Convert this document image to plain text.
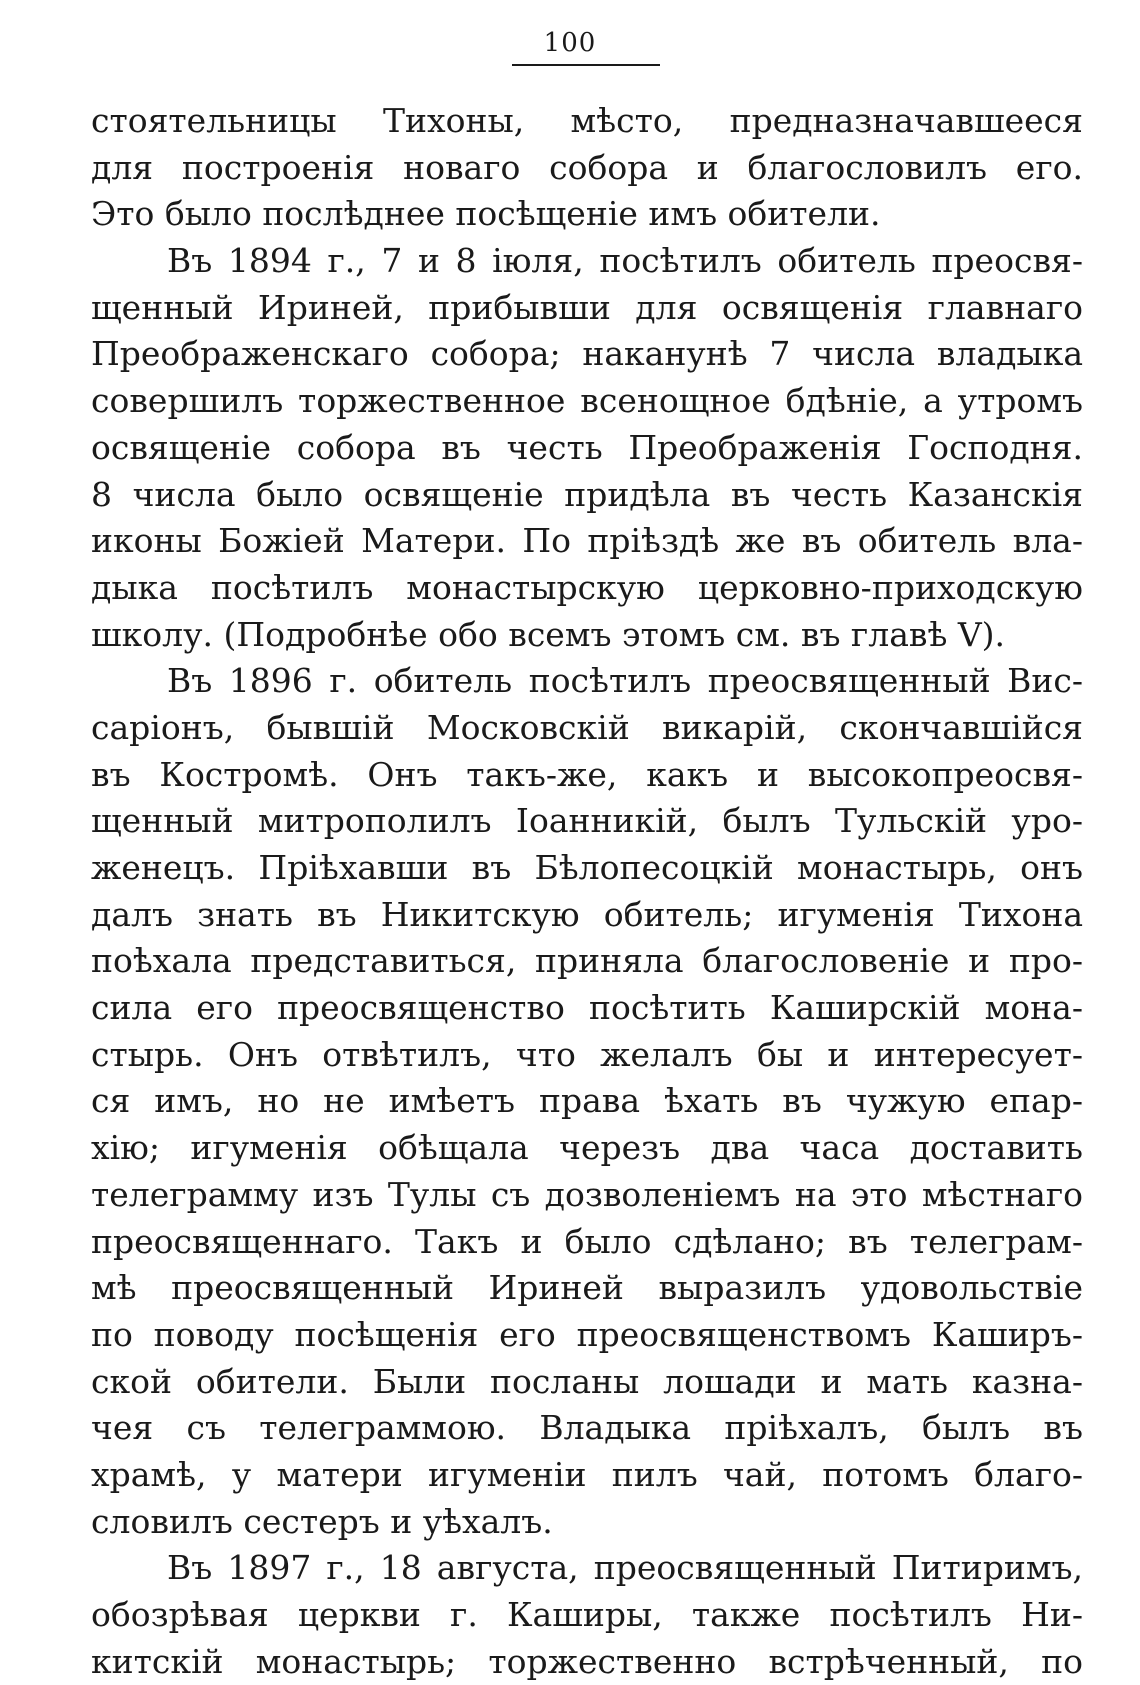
100
стоятельницы Тихоны, мѣсто, предназначавшееся
для построенія новаго собора и благословилъ его.
Это было послѣднее посѣщеніе имъ обители.
Въ 1894 г., 7 и 8 іюля, посѣтилъ обитель преосвя-
щенный Ириней, прибывши для освященія главнаго
Преображенскаго собора; наканунѣ 7 числа владыка
совершилъ торжественное всенощное бдѣніе, а утромъ
освященіе собора въ честь Преображенія Господня.
8 числа было освященіе придѣла въ честь Казанскія
иконы Божіей Матери. По пріѣздѣ же въ обитель вла-
дыка посѣтилъ монастырскую церковно-приходскую
школу. (Подробнѣе обо всемъ этомъ см. въ главѣ V).
Въ 1896 г. обитель посѣтилъ преосвященный Вис-
саріонъ, бывшій Московскій викарій, скончавшійся
въ Костромѣ. Онъ такъ-же, какъ и высокопреосвя-
щенный митрополилъ Іоанникій, былъ Тульскій уро-
женецъ. Пріѣхавши въ Бѣлопесоцкій монастырь, онъ
далъ знать въ Никитскую обитель; игуменія Тихона
поѣхала представиться, приняла благословеніе и про-
сила его преосвященство посѣтить Каширскій мона-
стырь. Онъ отвѣтилъ, что желалъ бы и интересует-
ся имъ, но не имѣетъ права ѣхать въ чужую епар-
хію; игуменія обѣщала черезъ два часа доставить
телеграмму изъ Тулы съ дозволеніемъ на это мѣстнаго
преосвященнаго. Такъ и было сдѣлано; въ телеграм-
мѣ преосвященный Ириней выразилъ удовольствіе
по поводу посѣщенія его преосвященствомъ Каширъ-
ской обители. Были посланы лошади и мать казна-
чея съ телеграммою. Владыка пріѣхалъ, былъ въ
храмѣ, у матери игуменіи пилъ чай, потомъ благо-
словилъ сестеръ и уѣхалъ.
Въ 1897 г., 18 августа, преосвященный Питиримъ,
обозрѣвая церкви г. Каширы, также посѣтилъ Ни-
китскій монастырь; торжественно встрѣченный, по
